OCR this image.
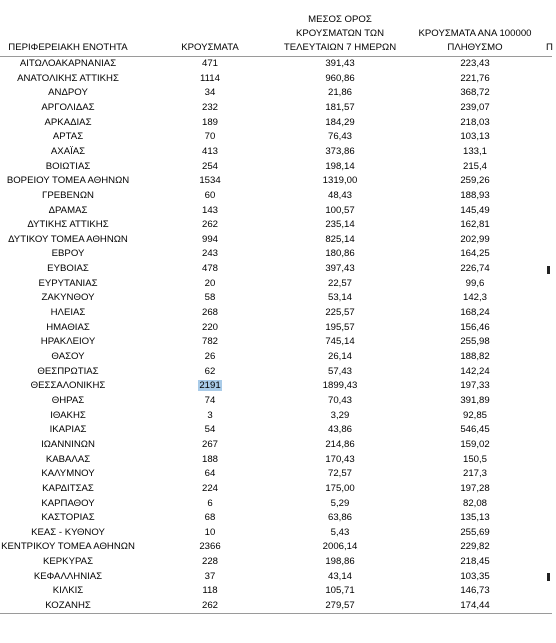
ΜΕΣΟΣ ΟΡΟΣ
ΚΡΟΥΣΜΑΤΩΝ ΤΩΝ
ΤΕΛΕΥΤΑΙΩΝ 7 ΗΜΕΡΩΝ
ΚΡΟΥΣΜΑΤΑ ΑΝΑ 100000
ΠΛΗΘΥΣΜΟ
ΠΕΡΙΦΕΡΕΙΑΚΗ ΕΝΟΤΗΤΑ	ΚΡΟΥΣΜΑΤΑ	Π
ΑΙΤΩΛΟΑΚΑΡΝΑΝΙΑΣ	471	391,43	223,43
ΑΝΑΤΟΛΙΚΗΣ ΑΤΤΙΚΗΣ	1114	960,86	221,76
ΑΝΔΡΟΥ	34	21,86	368,72
ΑΡΓΟΛΙΔΑΣ	232	181,57	239,07
ΑΡΚΑΔΙΑΣ	189	184,29	218,03
ΑΡΤΑΣ	70	76,43	103,13
ΑΧΑΪΑΣ	413	373,86	133,1
ΒΟΙΩΤΙΑΣ	254	198,14	215,4
ΒΟΡΕΙΟΥ ΤΟΜΕΑ ΑΘΗΝΩΝ	1534	1319,00	259,26
ΓΡΕΒΕΝΩΝ	60	48,43	188,93
ΔΡΑΜΑΣ	143	100,57	145,49
ΔΥΤΙΚΗΣ ΑΤΤΙΚΗΣ	262	235,14	162,81
ΔΥΤΙΚΟΥ ΤΟΜΕΑ ΑΘΗΝΩΝ	994	825,14	202,99
ΕΒΡΟΥ	243	180,86	164,25
ΕΥΒΟΙΑΣ	478	397,43	226,74
ΕΥΡΥΤΑΝΙΑΣ	20	22,57	99,6
ΖΑΚΥΝΘΟΥ	58	53,14	142,3
ΗΛΕΙΑΣ	268	225,57	168,24
ΗΜΑΘΙΑΣ	220	195,57	156,46
ΗΡΑΚΛΕΙΟΥ	782	745,14	255,98
ΘΑΣΟΥ	26	26,14	188,82
ΘΕΣΠΡΩΤΙΑΣ	62	57,43	142,24
ΘΕΣΣΑΛΟΝΙΚΗΣ	2191	1899,43	197,33
ΘΗΡΑΣ	74	70,43	391,89
ΙΘΑΚΗΣ	3	3,29	92,85
ΙΚΑΡΙΑΣ	54	43,86	546,45
ΙΩΑΝΝΙΝΩΝ	267	214,86	159,02
ΚΑΒΑΛΑΣ	188	170,43	150,5
ΚΑΛΥΜΝΟΥ	64	72,57	217,3
ΚΑΡΔΙΤΣΑΣ	224	175,00	197,28
ΚΑΡΠΑΘΟΥ	6	5,29	82,08
ΚΑΣΤΟΡΙΑΣ	68	63,86	135,13
ΚΕΑΣ - ΚΥΘΝΟΥ	10	5,43	255,69
ΚΕΝΤΡΙΚΟΥ ΤΟΜΕΑ ΑΘΗΝΩΝ	2366	2006,14	229,82
ΚΕΡΚΥΡΑΣ	228	198,86	218,45
ΚΕΦΑΛΛΗΝΙΑΣ	37	43,14	103,35
ΚΙΛΚΙΣ	118	105,71	146,73
ΚΟΖΑΝΗΣ	262	279,57	174,44
